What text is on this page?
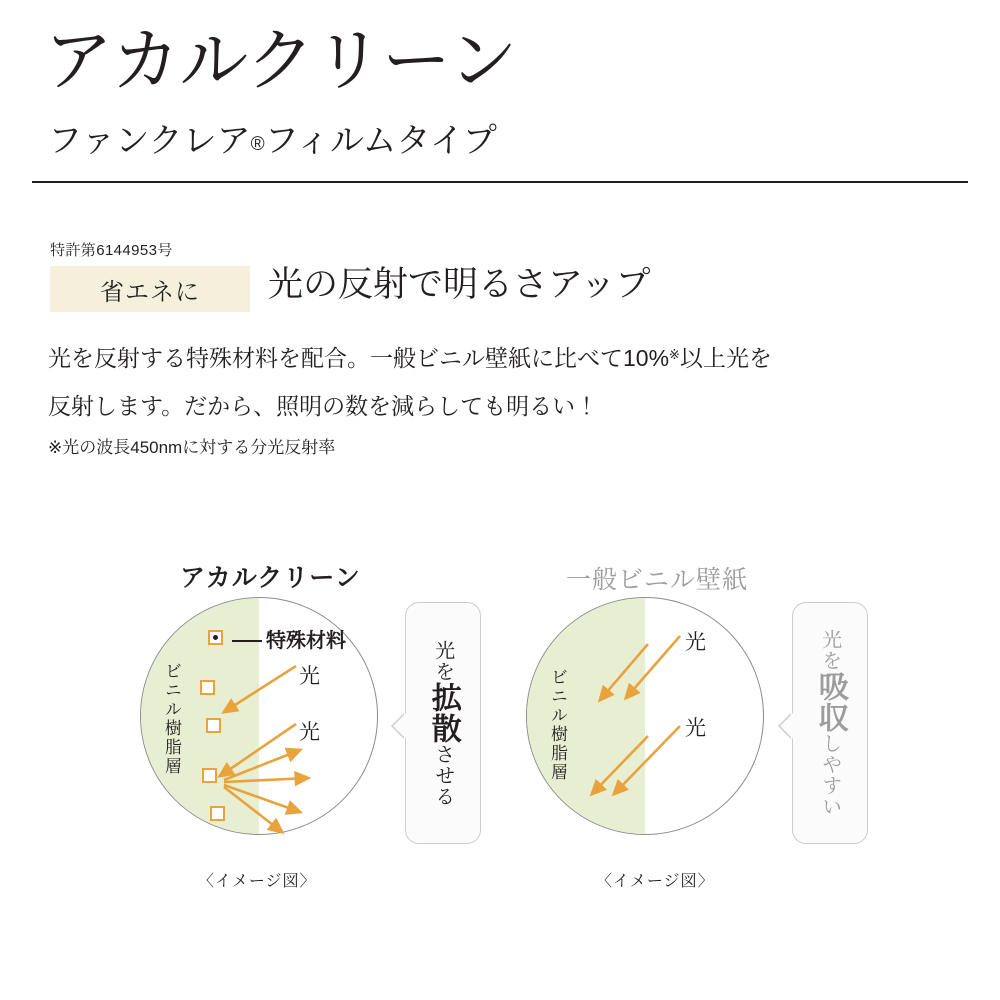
アカルクリーン
ファンクレア®フィルムタイプ
特許第6144953号
省エネに 光の反射で明るさアップ

光を反射する特殊材料を配合。一般ビニル壁紙に比べて10%※以上光を

反射します。だから、照明の数を減らしても明るい！

※光の波長450nmに対する分光反射率
アカルクリーン	一般ビニル壁紙
ビニル樹脂層
特殊材料
光
光	ビニル樹脂層
光
光
光を拡散させる
光を吸収しやすい
〈イメージ図〉	〈イメージ図〉
